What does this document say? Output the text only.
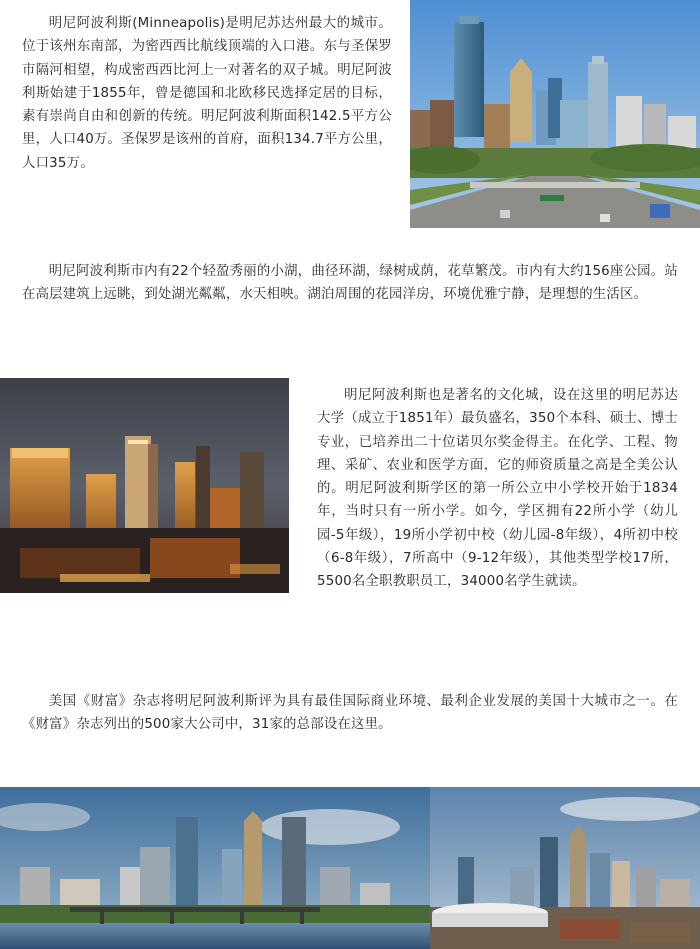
明尼阿波利斯(Minneapolis)是明尼苏达州最大的城市。位于该州东南部，为密西西比航线顶端的入口港。东与圣保罗市隔河相望，构成密西西比河上一对著名的双子城。明尼阿波利斯始建于1855年，曾是德国和北欧移民选择定居的目标，素有崇尚自由和创新的传统。明尼阿波利斯面积142.5平方公里，人口40万。圣保罗是该州的首府，面积134.7平方公里，人口35万。

明尼阿波利斯市内有22个轻盈秀丽的小湖，曲径环湖，绿树成荫，花草繁茂。市内有大约156座公园。站在高层建筑上远眺，到处湖光粼粼，水天相映。湖泊周围的花园洋房，环境优雅宁静，是理想的生活区。

明尼阿波利斯也是著名的文化城，设在这里的明尼苏达大学（成立于1851年）最负盛名，350个本科、硕士、博士专业，已培养出二十位诺贝尔奖金得主。在化学、工程、物理、采矿、农业和医学方面，它的师资质量之高是全美公认的。明尼阿波利斯学区的第一所公立中小学校开始于1834年，当时只有一所小学。如今，学区拥有22所小学（幼儿园-5年级），19所小学初中校（幼儿园-8年级），4所初中校（6-8年级），7所高中（9-12年级），其他类型学校17所，5500名全职教职员工，34000名学生就读。

美国《财富》杂志将明尼阿波利斯评为具有最佳国际商业环境、最利企业发展的美国十大城市之一。在《财富》杂志列出的500家大公司中，31家的总部设在这里。
